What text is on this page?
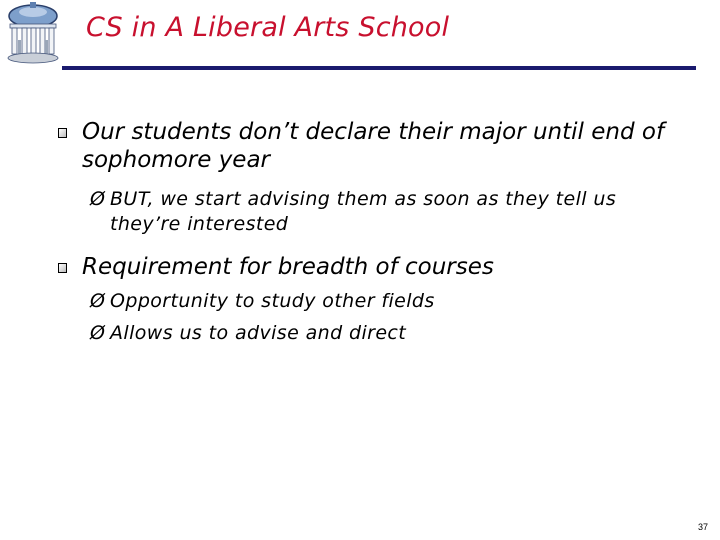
CS in A Liberal Arts School
Our students don’t declare their major until end of sophomore year
Ø BUT, we start advising them as soon as they tell us they’re interested
Requirement for breadth of courses
Ø Opportunity to study other fields
Ø Allows us to advise and direct
37
